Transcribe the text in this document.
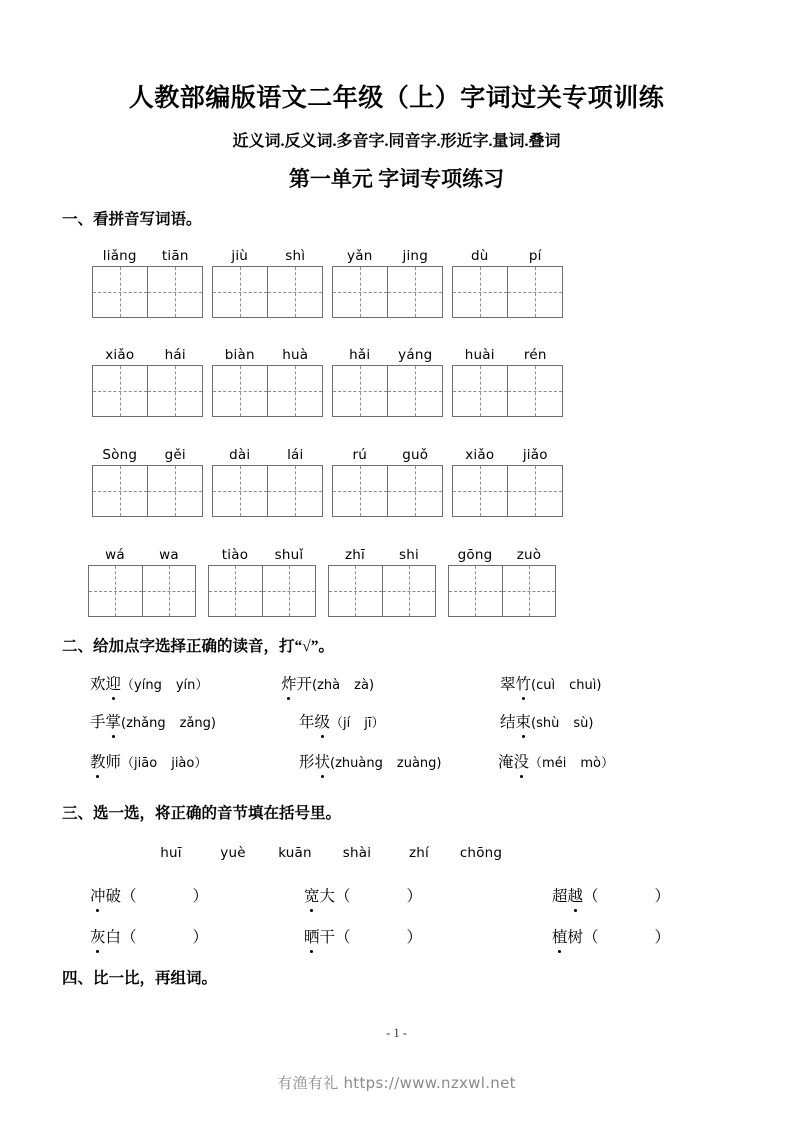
人教部编版语文二年级（上）字词过关专项训练
近义词.反义词.多音字.同音字.形近字.量词.叠词
第一单元 字词专项练习
一、看拼音写词语。
liǎng	tiān	jiù	shì	yǎn	jing	dù	pí
xiǎo	hái	biàn	huà	hǎi	yáng	huài	rén
Sòng	gěi	dài	lái	rú	guǒ	xiǎo	jiǎo
wá	wa	tiào	shuǐ	zhī	shi	gōng	zuò
二、给加点字选择正确的读音，打“√”。
欢迎（yíng yín）	炸开(zhà zà)	翠竹(cuì chuì)
手掌(zhǎng zǎng)	年级（jí jī）	结束(shù sù)
教师（jiāo jiào）	形状(zhuàng zuàng)	淹没（méi mò）
三、选一选，将正确的音节填在括号里。
huī	yuè kuān shài	zhí chōng
冲破（	）	宽大（	）	超越（	）
灰白（	）	晒干（	）	植树（	）
四、比一比，再组词。
- 1 -
有渔有礼 https://www.nzxwl.net
